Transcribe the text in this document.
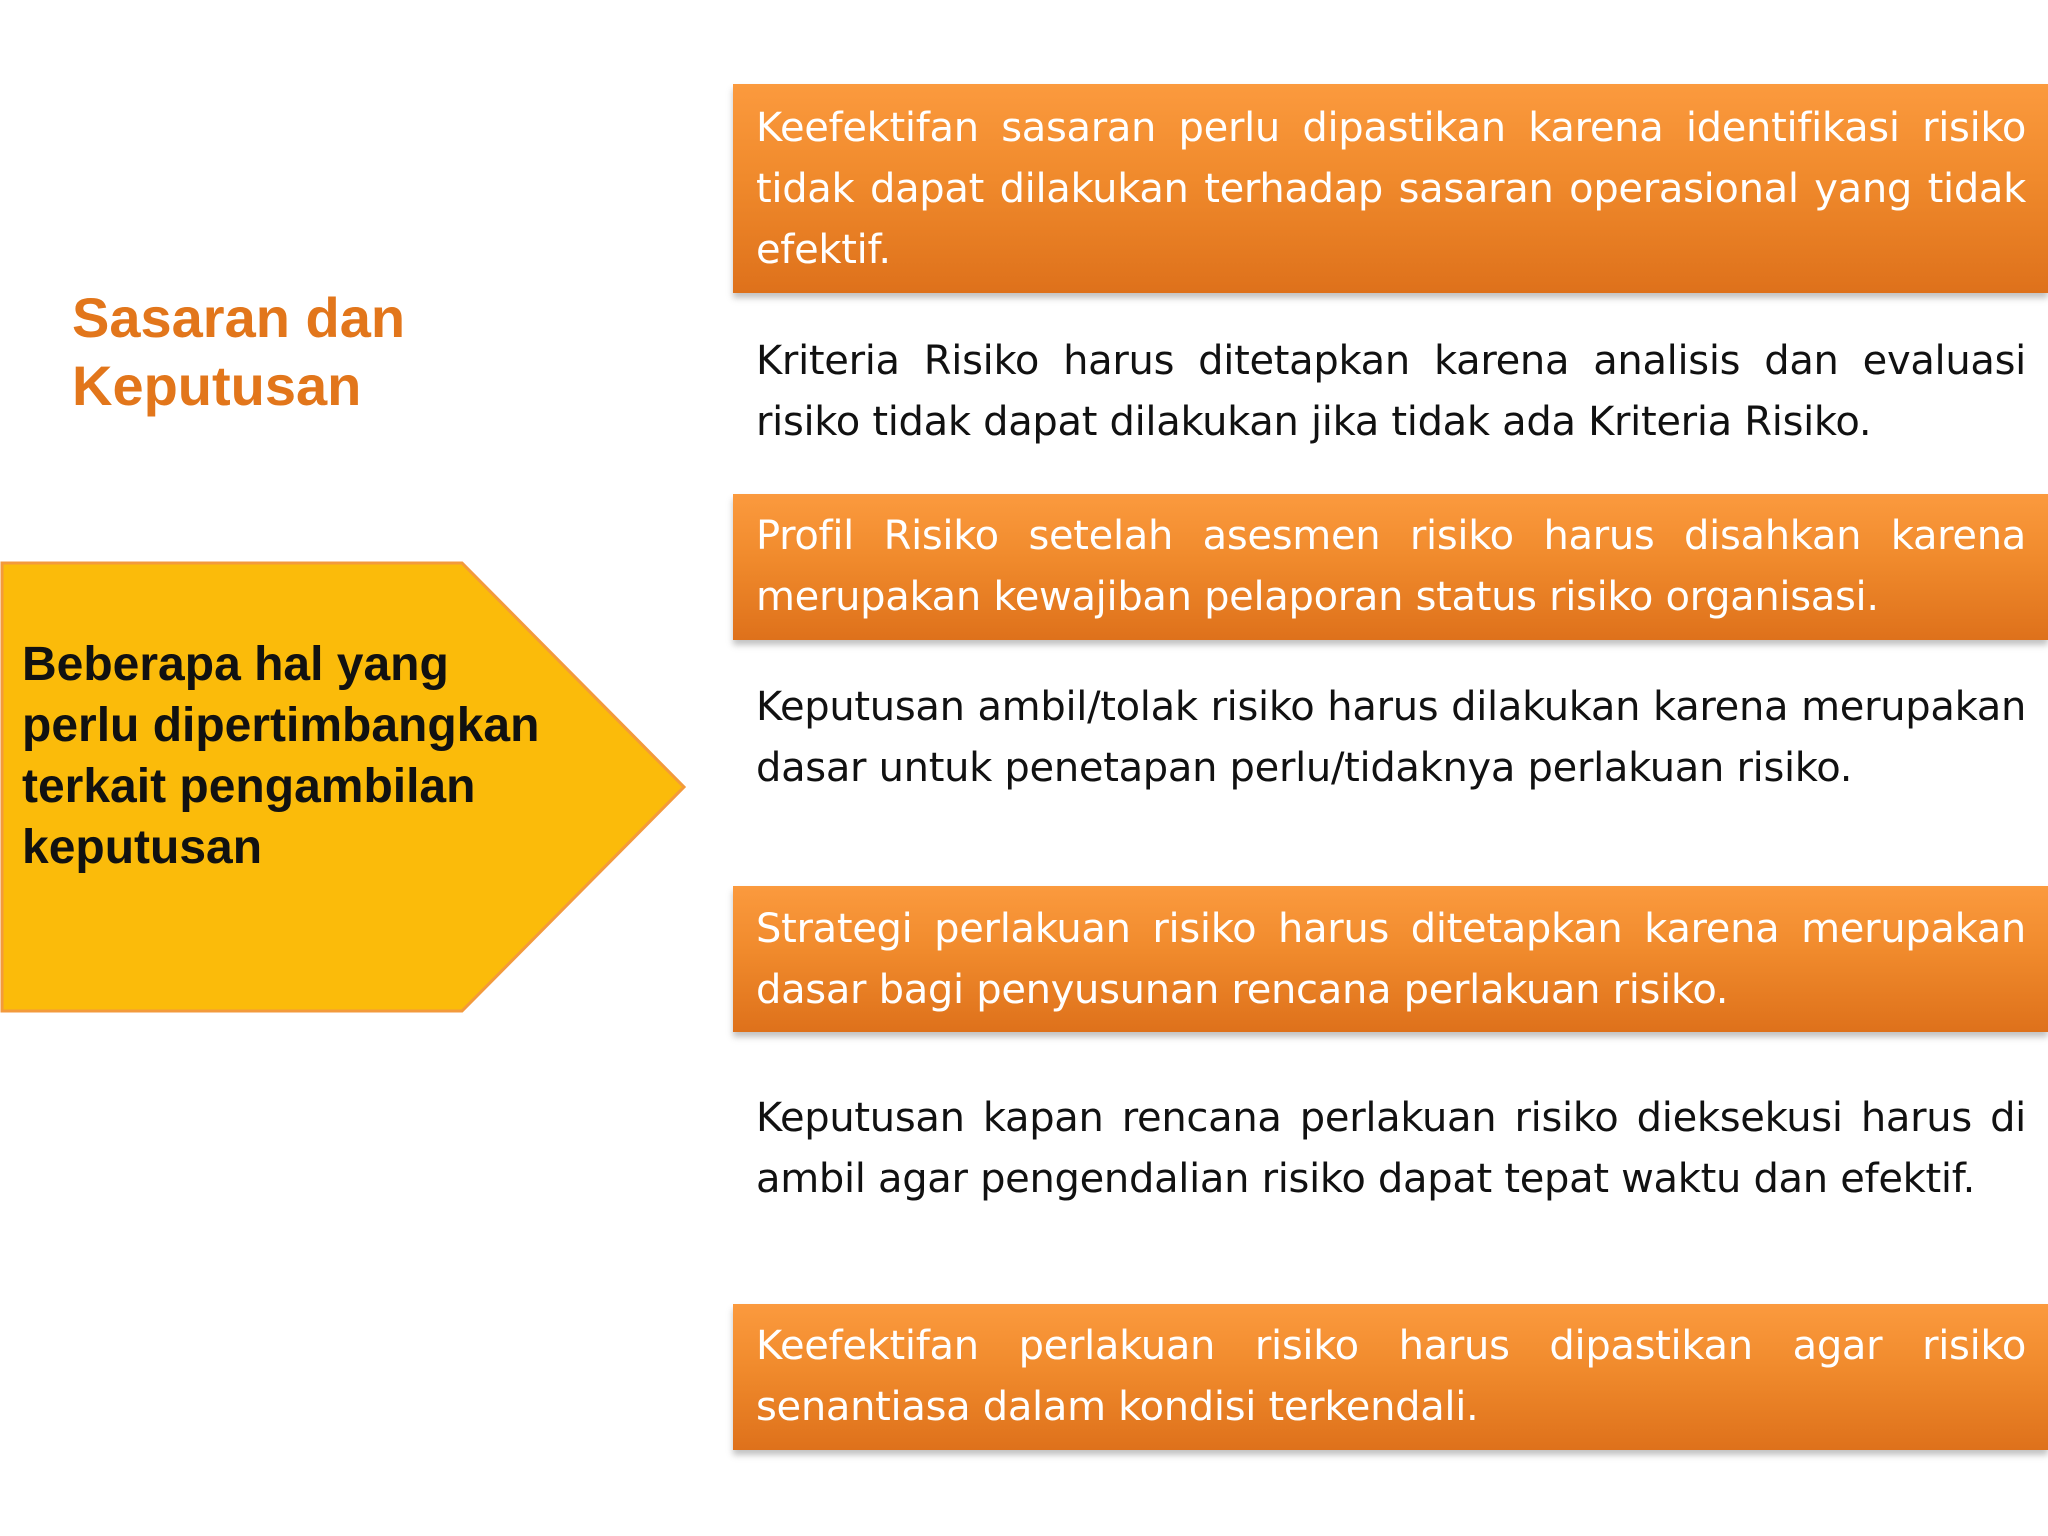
Sasaran dan Keputusan
Beberapa hal yang perlu dipertimbangkan terkait pengambilan keputusan
Keefektifan sasaran perlu dipastikan karena identifikasi risiko tidak dapat dilakukan terhadap sasaran operasional yang tidak efektif.
Kriteria Risiko harus ditetapkan karena analisis dan evaluasi risiko tidak dapat dilakukan jika tidak ada Kriteria Risiko.
Profil Risiko setelah asesmen risiko harus disahkan karena merupakan kewajiban pelaporan status risiko organisasi.
Keputusan ambil/tolak risiko harus dilakukan karena merupakan dasar untuk penetapan perlu/tidaknya perlakuan risiko.
Strategi perlakuan risiko harus ditetapkan karena merupakan dasar bagi penyusunan rencana perlakuan risiko.
Keputusan kapan rencana perlakuan risiko dieksekusi harus di ambil agar pengendalian risiko dapat tepat waktu dan efektif.
Keefektifan perlakuan risiko harus dipastikan agar risiko senantiasa dalam kondisi terkendali.
